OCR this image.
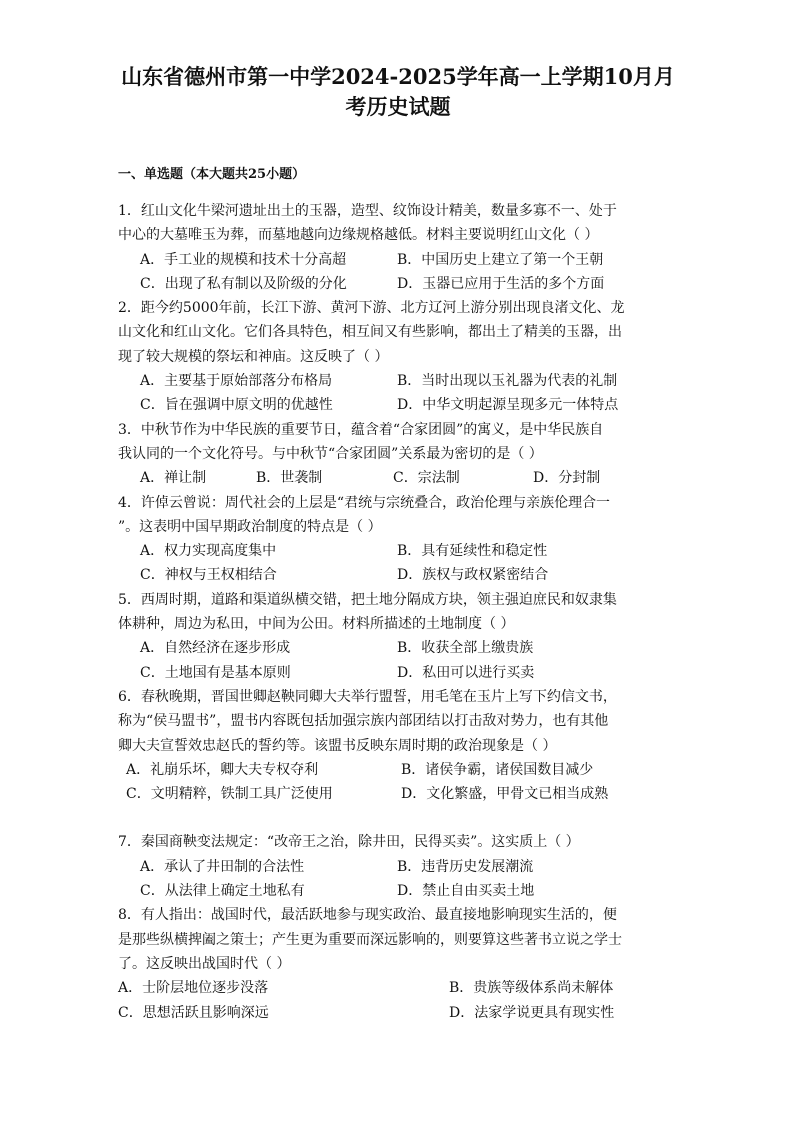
山东省德州市第一中学2024-2025学年高一上学期10月月
考历史试题
一、单选题（本大题共25小题）

1．红山文化牛梁河遗址出土的玉器，造型、纹饰设计精美，数量多寡不一、处于

中心的大墓唯玉为葬，而墓地越向边缘规格越低。材料主要说明红山文化（ ）

A．手工业的规模和技术十分高超	B．中国历史上建立了第一个王朝
C．出现了私有制以及阶级的分化	D．玉器已应用于生活的多个方面

2．距今约5000年前，长江下游、黄河下游、北方辽河上游分别出现良渚文化、龙

山文化和红山文化。它们各具特色，相互间又有些影响，都出土了精美的玉器，出

现了较大规模的祭坛和神庙。这反映了（ ）

A．主要基于原始部落分布格局	B．当时出现以玉礼器为代表的礼制
C．旨在强调中原文明的优越性	D．中华文明起源呈现多元一体特点

3．中秋节作为中华民族的重要节日，蕴含着“合家团圆”的寓义，是中华民族自

我认同的一个文化符号。与中秋节“合家团圆”关系最为密切的是（ ）

A．禅让制	B．世袭制	C．宗法制	D．分封制

4．许倬云曾说：周代社会的上层是“君统与宗统叠合，政治伦理与亲族伦理合一

”。这表明中国早期政治制度的特点是（ ）

A．权力实现高度集中	B．具有延续性和稳定性
C．神权与王权相结合	D．族权与政权紧密结合

5．西周时期，道路和渠道纵横交错，把土地分隔成方块，领主强迫庶民和奴隶集

体耕种，周边为私田，中间为公田。材料所描述的土地制度（ ）

A．自然经济在逐步形成	B．收获全部上缴贵族
C．土地国有是基本原则	D．私田可以进行买卖

6．春秋晚期，晋国世卿赵鞅同卿大夫举行盟誓，用毛笔在玉片上写下约信文书，

称为“侯马盟书”，盟书内容既包括加强宗族内部团结以打击敌对势力，也有其他

卿大夫宣誓效忠赵氏的誓约等。该盟书反映东周时期的政治现象是（ ）

A．礼崩乐坏，卿大夫专权夺利	B．诸侯争霸，诸侯国数目减少
C．文明精粹，铁制工具广泛使用	D．文化繁盛，甲骨文已相当成熟

7．秦国商鞅变法规定：“改帝王之治，除井田，民得买卖”。这实质上（ ）

A．承认了井田制的合法性	B．违背历史发展潮流
C．从法律上确定土地私有	D．禁止自由买卖土地

8．有人指出：战国时代，最活跃地参与现实政治、最直接地影响现实生活的，便

是那些纵横捭阖之策士；产生更为重要而深远影响的，则要算这些著书立说之学士

了。这反映出战国时代（ ）

A．士阶层地位逐步没落	B．贵族等级体系尚未解体
C．思想活跃且影响深远	D．法家学说更具有现实性
